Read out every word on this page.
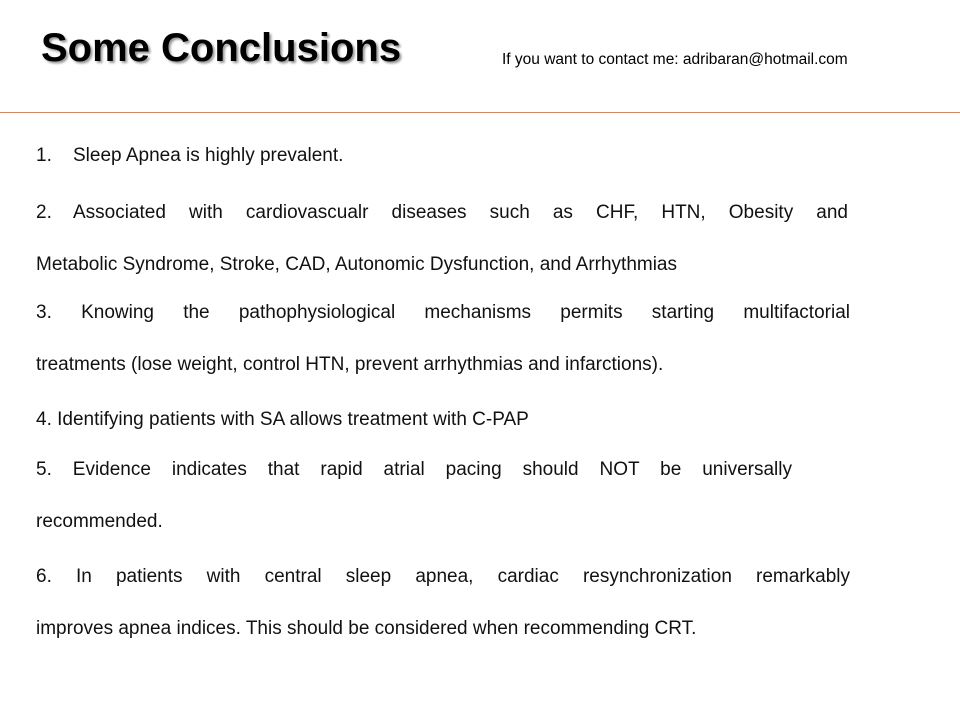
Some Conclusions	If you want to contact me: adribaran@hotmail.com
1. Sleep Apnea is highly prevalent.
2. Associated with cardiovascualr diseases such as CHF, HTN, Obesity and
Metabolic Syndrome, Stroke, CAD, Autonomic Dysfunction, and Arrhythmias
3. Knowing the pathophysiological mechanisms permits starting multifactorial
treatments (lose weight, control HTN, prevent arrhythmias and infarctions).
4. Identifying patients with SA allows treatment with C-PAP
5. Evidence indicates that rapid atrial pacing should NOT be universally
recommended.
6. In patients with central sleep apnea, cardiac resynchronization remarkably
improves apnea indices. This should be considered when recommending CRT.
